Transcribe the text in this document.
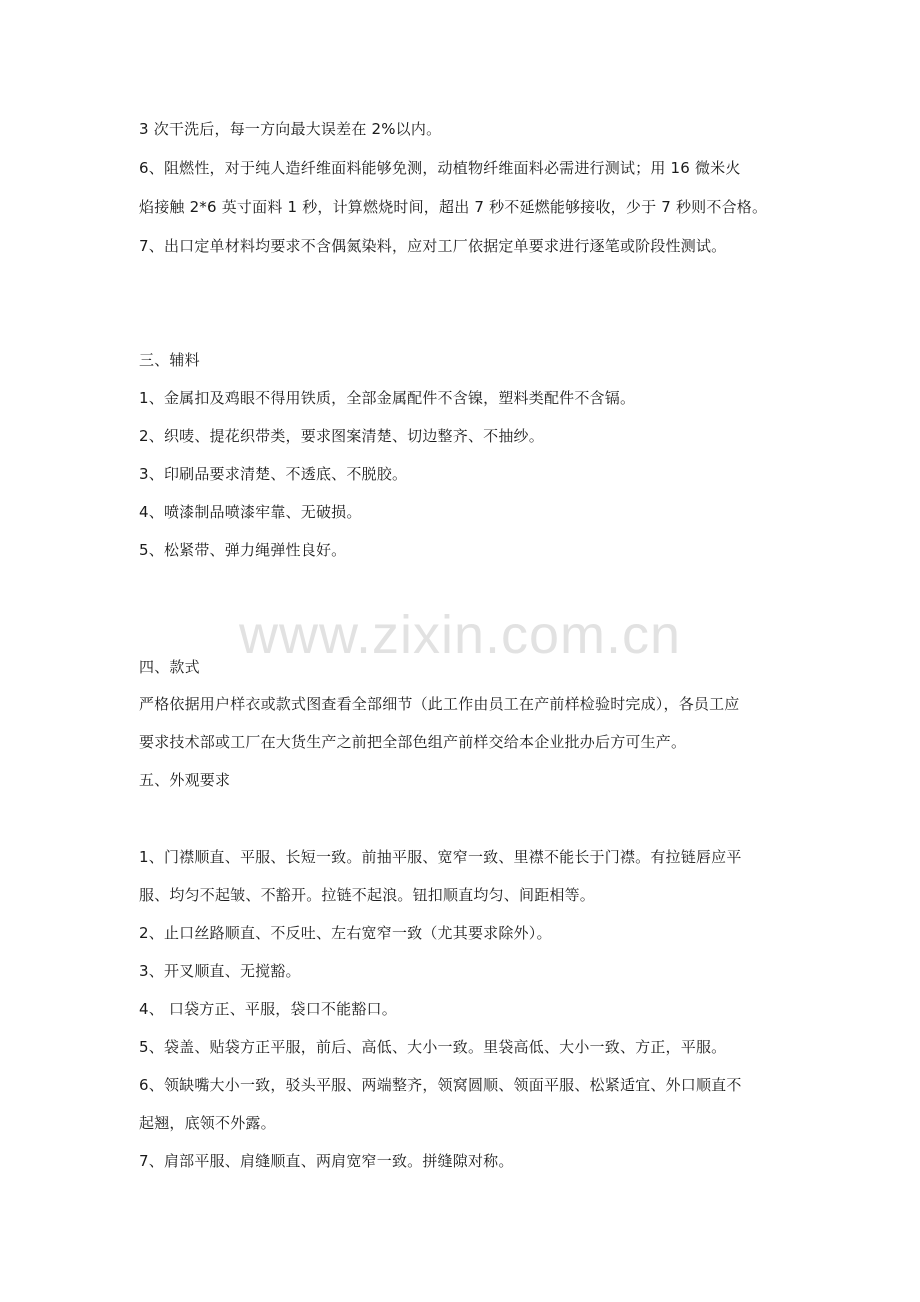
3 次干洗后，每一方向最大误差在 2%以内。
6、阻燃性，对于纯人造纤维面料能够免测，动植物纤维面料必需进行测试；用 16 微米火
焰接触 2*6 英寸面料 1 秒，计算燃烧时间，超出 7 秒不延燃能够接收，少于 7 秒则不合格。
7、出口定单材料均要求不含偶氮染料，应对工厂依据定单要求进行逐笔或阶段性测试。
三、辅料
1、金属扣及鸡眼不得用铁质，全部金属配件不含镍，塑料类配件不含镉。
2、织唛、提花织带类，要求图案清楚、切边整齐、不抽纱。
3、印刷品要求清楚、不透底、不脱胶。
4、喷漆制品喷漆牢靠、无破损。
5、松紧带、弹力绳弹性良好。
四、款式
严格依据用户样衣或款式图查看全部细节（此工作由员工在产前样检验时完成），各员工应
要求技术部或工厂在大货生产之前把全部色组产前样交给本企业批办后方可生产。
五、外观要求
1、门襟顺直、平服、长短一致。前抽平服、宽窄一致、里襟不能长于门襟。有拉链唇应平
服、均匀不起皱、不豁开。拉链不起浪。钮扣顺直均匀、间距相等。
2、止口丝路顺直、不反吐、左右宽窄一致（尤其要求除外）。
3、开叉顺直、无搅豁。
4、 口袋方正、平服，袋口不能豁口。
5、袋盖、贴袋方正平服，前后、高低、大小一致。里袋高低、大小一致、方正，平服。
6、领缺嘴大小一致，驳头平服、两端整齐，领窝圆顺、领面平服、松紧适宜、外口顺直不
起翘，底领不外露。
7、肩部平服、肩缝顺直、两肩宽窄一致。拼缝隙对称。
www.zixin.com.cn
